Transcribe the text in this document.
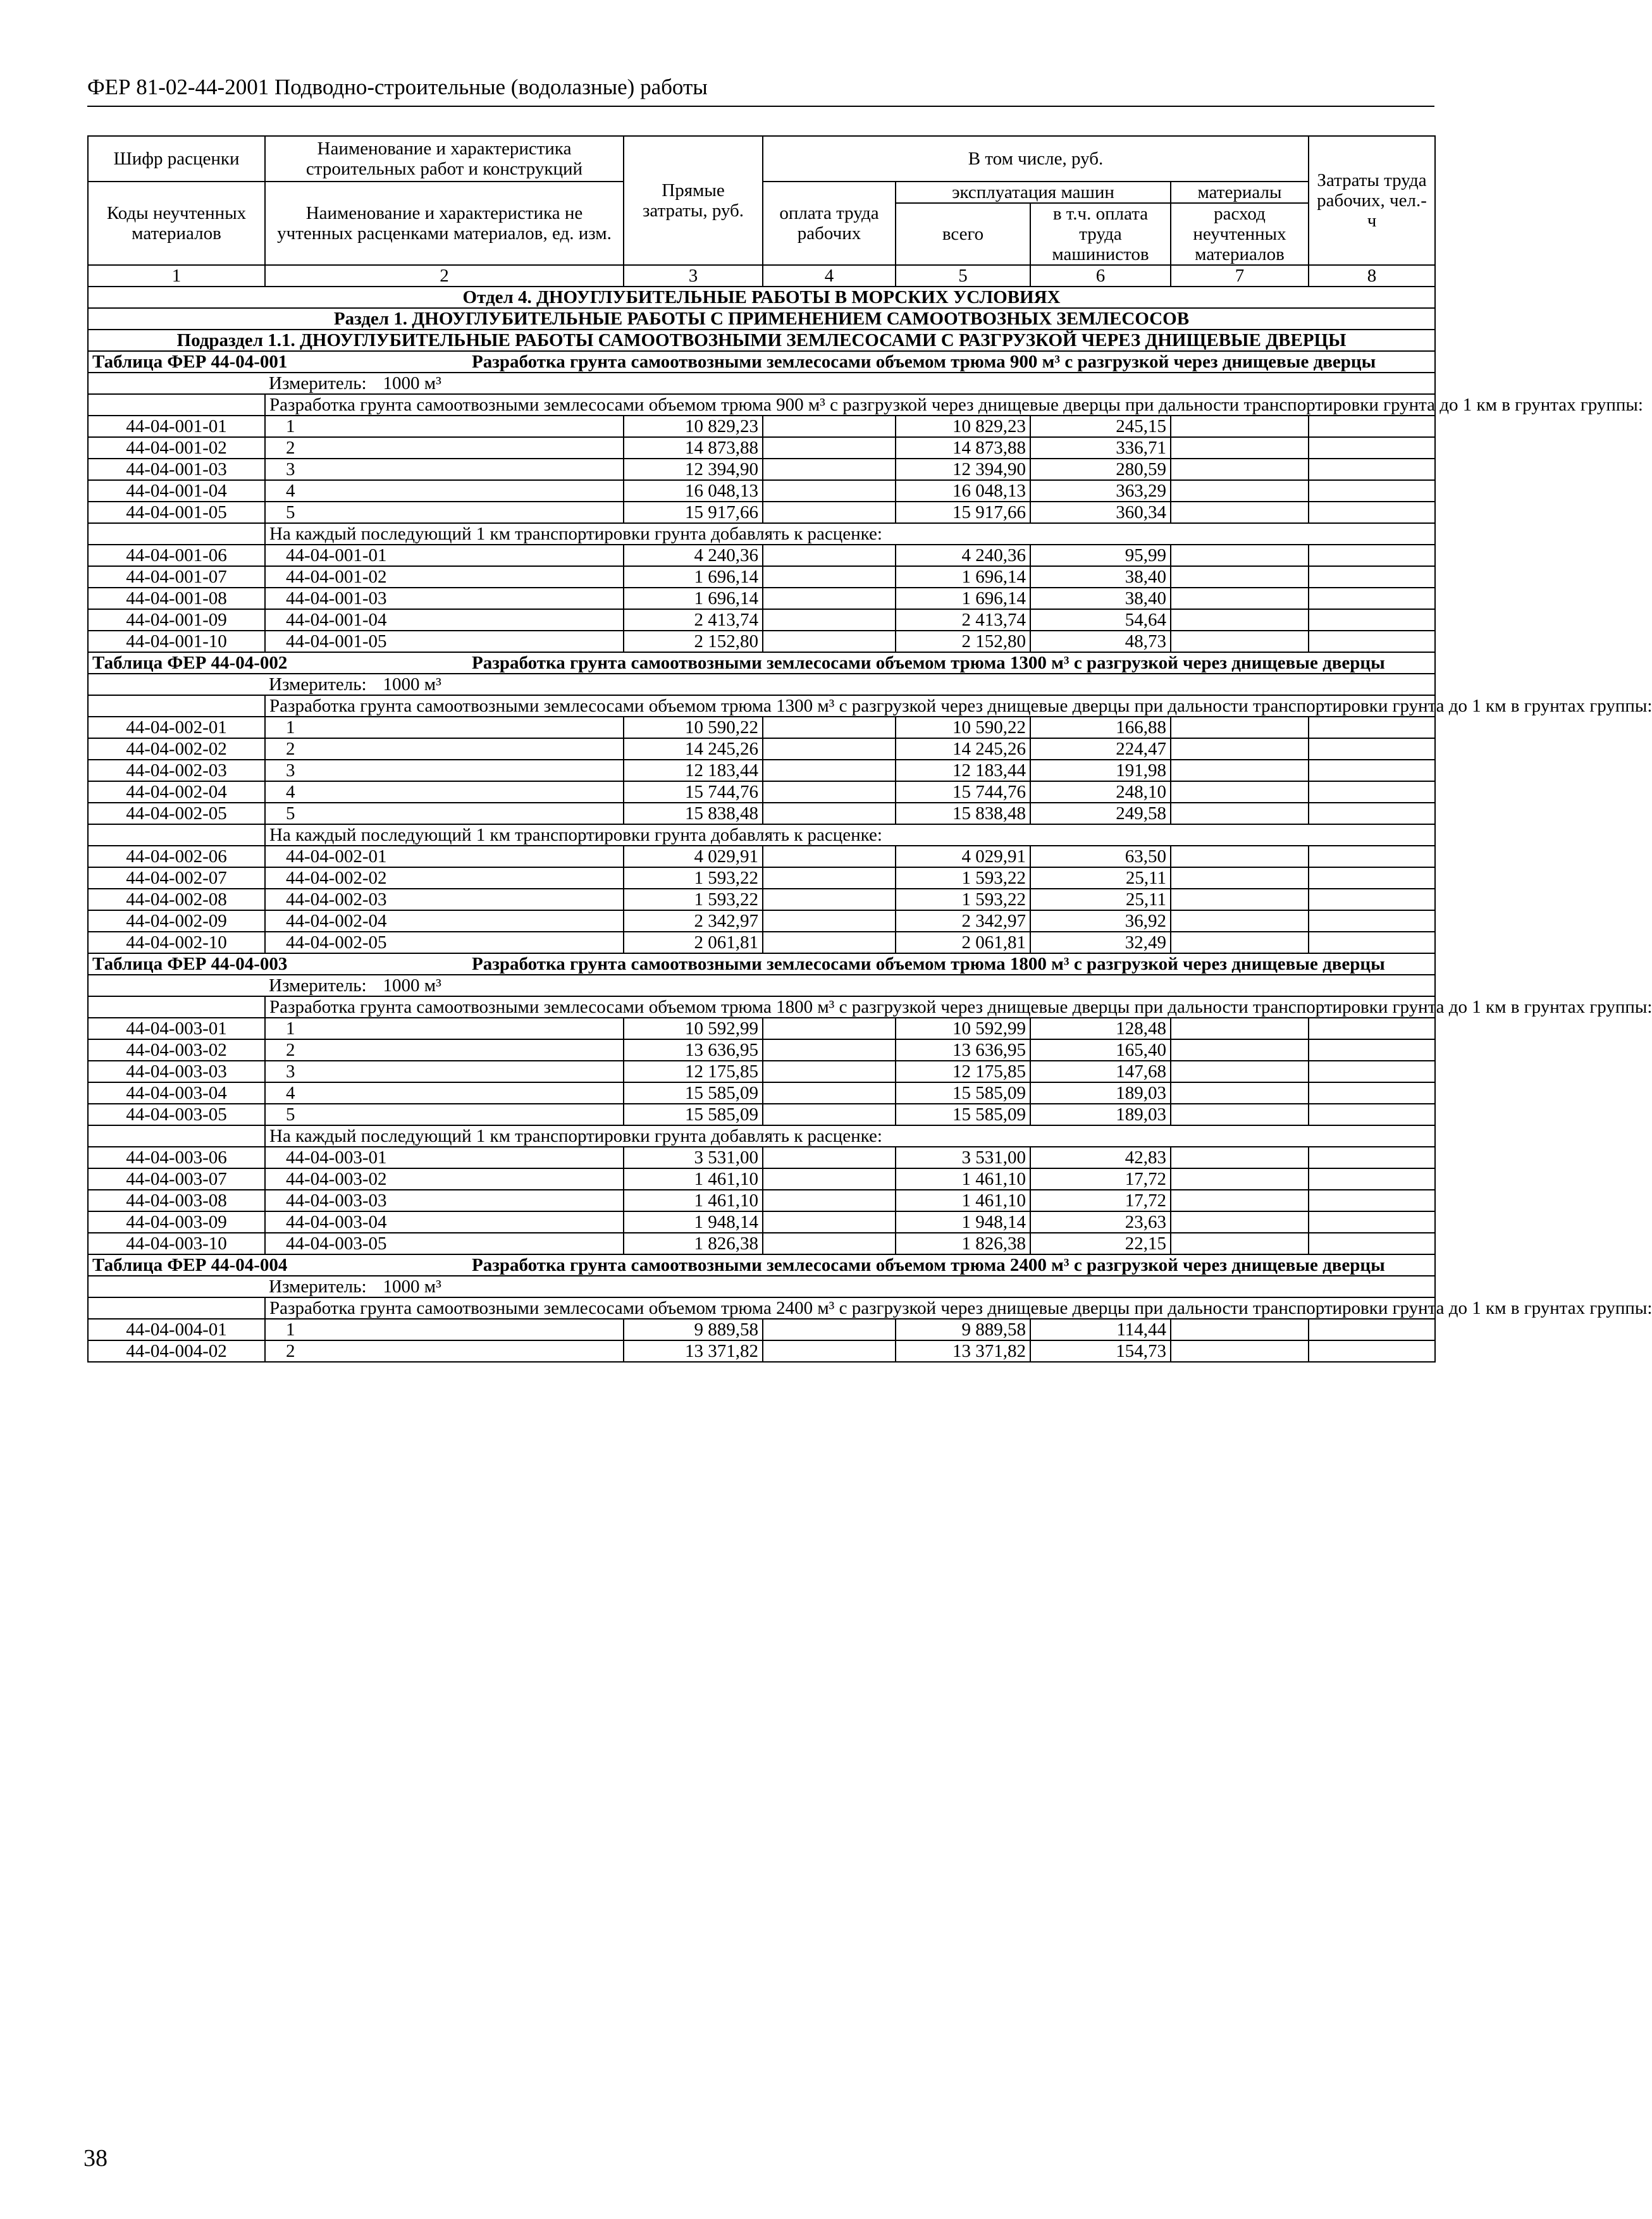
ФЕР 81-02-44-2001 Подводно-строительные (водолазные) работы
Шифр расценки	Наименование и характеристика строительных работ и конструкций	Прямые затраты, руб.	В том числе, руб.				Затраты труда рабочих, чел.-ч
Коды неучтенных материалов	Наименование и характеристика не учтенных расценками материалов, ед. изм.		оплата труда рабочих	эксплуатация машин		материалы	
				всего	в т.ч. оплата труда машинистов	расход неучтенных материалов	
1	2	3	4	5	6	7	8
Отдел 4. ДНОУГЛУБИТЕЛЬНЫЕ РАБОТЫ В МОРСКИХ УСЛОВИЯХ							
Раздел 1. ДНОУГЛУБИТЕЛЬНЫЕ РАБОТЫ С ПРИМЕНЕНИЕМ САМООТВОЗНЫХ ЗЕМЛЕСОСОВ							
Подраздел 1.1. ДНОУГЛУБИТЕЛЬНЫЕ РАБОТЫ САМООТВОЗНЫМИ ЗЕМЛЕСОСАМИ С РАЗГРУЗКОЙ ЧЕРЕЗ ДНИЩЕВЫЕ ДВЕРЦЫ							
Таблица ФЕР 44-04-001 Разработка грунта самоотвозными землесосами объемом трюма 900 м³ с разгрузкой через днищевые дверцы							
	Измеритель: 1000 м³						
	Разработка грунта самоотвозными землесосами объемом трюма 900 м³ с разгрузкой через днищевые дверцы при дальности транспортировки грунта до 1 км в грунтах группы:						
44-04-001-01	1	10 829,23		10 829,23	245,15		
44-04-001-02	2	14 873,88		14 873,88	336,71		
44-04-001-03	3	12 394,90		12 394,90	280,59		
44-04-001-04	4	16 048,13		16 048,13	363,29		
44-04-001-05	5	15 917,66		15 917,66	360,34		
	На каждый последующий 1 км транспортировки грунта добавлять к расценке:						
44-04-001-06	44-04-001-01	4 240,36		4 240,36	95,99		
44-04-001-07	44-04-001-02	1 696,14		1 696,14	38,40		
44-04-001-08	44-04-001-03	1 696,14		1 696,14	38,40		
44-04-001-09	44-04-001-04	2 413,74		2 413,74	54,64		
44-04-001-10	44-04-001-05	2 152,80		2 152,80	48,73		
Таблица ФЕР 44-04-002 Разработка грунта самоотвозными землесосами объемом трюма 1300 м³ с разгрузкой через днищевые дверцы							
	Измеритель: 1000 м³						
	Разработка грунта самоотвозными землесосами объемом трюма 1300 м³ с разгрузкой через днищевые дверцы при дальности транспортировки грунта до 1 км в грунтах группы:						
44-04-002-01	1	10 590,22		10 590,22	166,88		
44-04-002-02	2	14 245,26		14 245,26	224,47		
44-04-002-03	3	12 183,44		12 183,44	191,98		
44-04-002-04	4	15 744,76		15 744,76	248,10		
44-04-002-05	5	15 838,48		15 838,48	249,58		
	На каждый последующий 1 км транспортировки грунта добавлять к расценке:						
44-04-002-06	44-04-002-01	4 029,91		4 029,91	63,50		
44-04-002-07	44-04-002-02	1 593,22		1 593,22	25,11		
44-04-002-08	44-04-002-03	1 593,22		1 593,22	25,11		
44-04-002-09	44-04-002-04	2 342,97		2 342,97	36,92		
44-04-002-10	44-04-002-05	2 061,81		2 061,81	32,49		
Таблица ФЕР 44-04-003 Разработка грунта самоотвозными землесосами объемом трюма 1800 м³ с разгрузкой через днищевые дверцы							
	Измеритель: 1000 м³						
	Разработка грунта самоотвозными землесосами объемом трюма 1800 м³ с разгрузкой через днищевые дверцы при дальности транспортировки грунта до 1 км в грунтах группы:						
44-04-003-01	1	10 592,99		10 592,99	128,48		
44-04-003-02	2	13 636,95		13 636,95	165,40		
44-04-003-03	3	12 175,85		12 175,85	147,68		
44-04-003-04	4	15 585,09		15 585,09	189,03		
44-04-003-05	5	15 585,09		15 585,09	189,03		
	На каждый последующий 1 км транспортировки грунта добавлять к расценке:						
44-04-003-06	44-04-003-01	3 531,00		3 531,00	42,83		
44-04-003-07	44-04-003-02	1 461,10		1 461,10	17,72		
44-04-003-08	44-04-003-03	1 461,10		1 461,10	17,72		
44-04-003-09	44-04-003-04	1 948,14		1 948,14	23,63		
44-04-003-10	44-04-003-05	1 826,38		1 826,38	22,15		
Таблица ФЕР 44-04-004 Разработка грунта самоотвозными землесосами объемом трюма 2400 м³ с разгрузкой через днищевые дверцы							
	Измеритель: 1000 м³						
	Разработка грунта самоотвозными землесосами объемом трюма 2400 м³ с разгрузкой через днищевые дверцы при дальности транспортировки грунта до 1 км в грунтах группы:						
44-04-004-01	1	9 889,58		9 889,58	114,44		
44-04-004-02	2	13 371,82		13 371,82	154,73		
38
